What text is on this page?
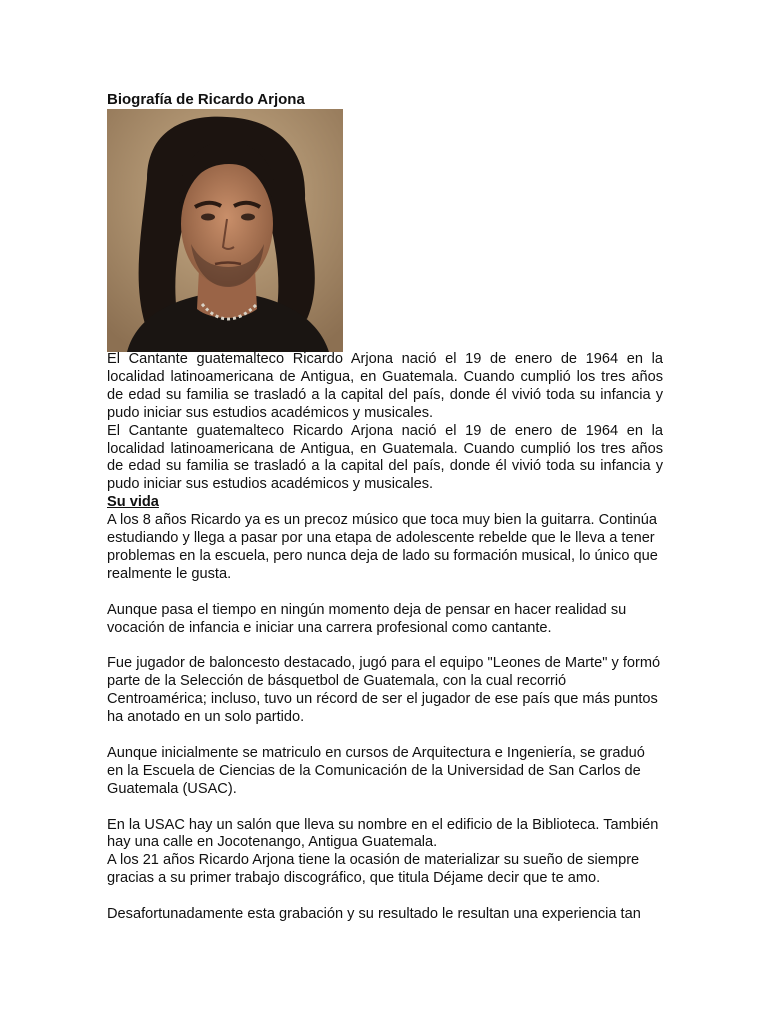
Biografía de Ricardo Arjona

El Cantante guatemalteco Ricardo Arjona nació el 19 de enero de 1964 en la localidad latinoamericana de Antigua, en Guatemala. Cuando cumplió los tres años de edad su familia se trasladó a la capital del país, donde él vivió toda su infancia y pudo iniciar sus estudios académicos y musicales.

El Cantante guatemalteco Ricardo Arjona nació el 19 de enero de 1964 en la localidad latinoamericana de Antigua, en Guatemala. Cuando cumplió los tres años de edad su familia se trasladó a la capital del país, donde él vivió toda su infancia y pudo iniciar sus estudios académicos y musicales.

Su vida

A los 8 años Ricardo ya es un precoz músico que toca muy bien la guitarra. Continúa estudiando y llega a pasar por una etapa de adolescente rebelde que le lleva a tener problemas en la escuela, pero nunca deja de lado su formación musical, lo único que realmente le gusta.

Aunque pasa el tiempo en ningún momento deja de pensar en hacer realidad su vocación de infancia e iniciar una carrera profesional como cantante.

Fue jugador de baloncesto destacado, jugó para el equipo "Leones de Marte" y formó parte de la Selección de básquetbol de Guatemala, con la cual recorrió Centroamérica; incluso, tuvo un récord de ser el jugador de ese país que más puntos ha anotado en un solo partido.

Aunque inicialmente se matriculo en cursos de Arquitectura e Ingeniería, se graduó en la Escuela de Ciencias de la Comunicación de la Universidad de San Carlos de Guatemala (USAC).

En la USAC hay un salón que lleva su nombre en el edificio de la Biblioteca. También hay una calle en Jocotenango, Antigua Guatemala.

A los 21 años Ricardo Arjona tiene la ocasión de materializar su sueño de siempre gracias a su primer trabajo discográfico, que titula Déjame decir que te amo.

Desafortunadamente esta grabación y su resultado le resultan una experiencia tan
